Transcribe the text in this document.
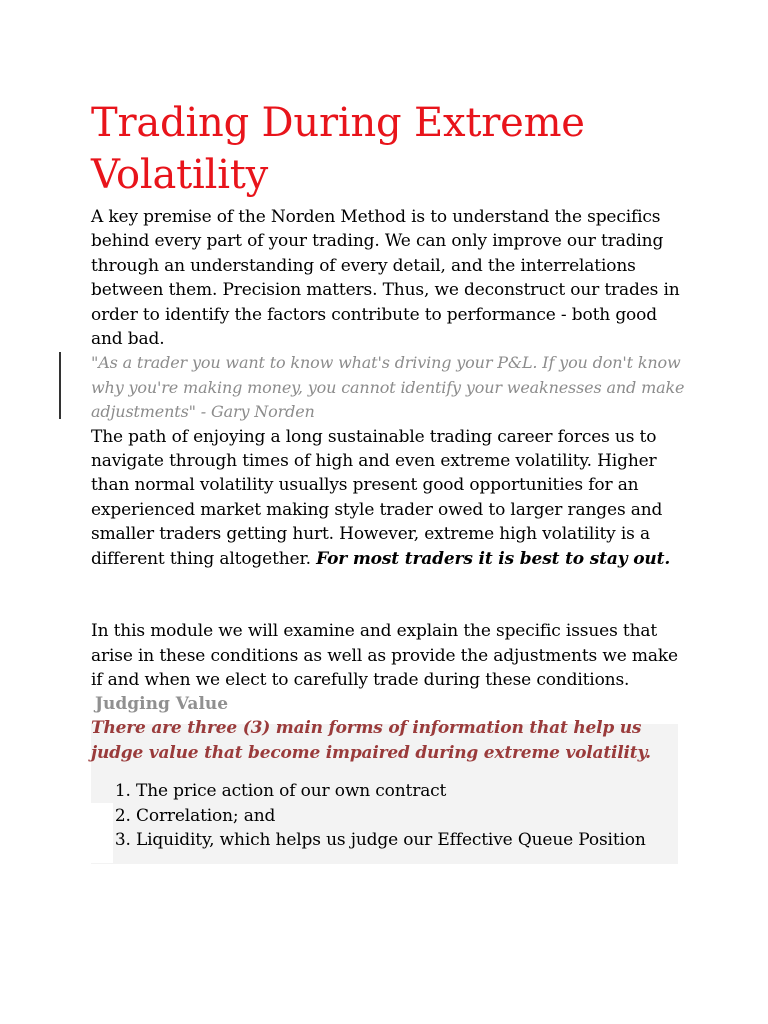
Trading During Extreme Volatility

A key premise of the Norden Method is to understand the specifics behind every part of your trading. We can only improve our trading through an understanding of every detail, and the interrelations between them. Precision matters. Thus, we deconstruct our trades in order to identify the factors contribute to performance - both good and bad.

"As a trader you want to know what's driving your P&L. If you don't know why you're making money, you cannot identify your weaknesses and make adjustments" - Gary Norden

The path of enjoying a long sustainable trading career forces us to navigate through times of high and even extreme volatility. Higher than normal volatility usuallys present good opportunities for an experienced market making style trader owed to larger ranges and smaller traders getting hurt. However, extreme high volatility is a different thing altogether. For most traders it is best to stay out.

In this module we will examine and explain the specific issues that arise in these conditions as well as provide the adjustments we make if and when we elect to carefully trade during these conditions.

Judging Value

There are three (3) main forms of information that help us judge value that become impaired during extreme volatility.

1. The price action of our own contract
2. Correlation; and
3. Liquidity, which helps us judge our Effective Queue Position
